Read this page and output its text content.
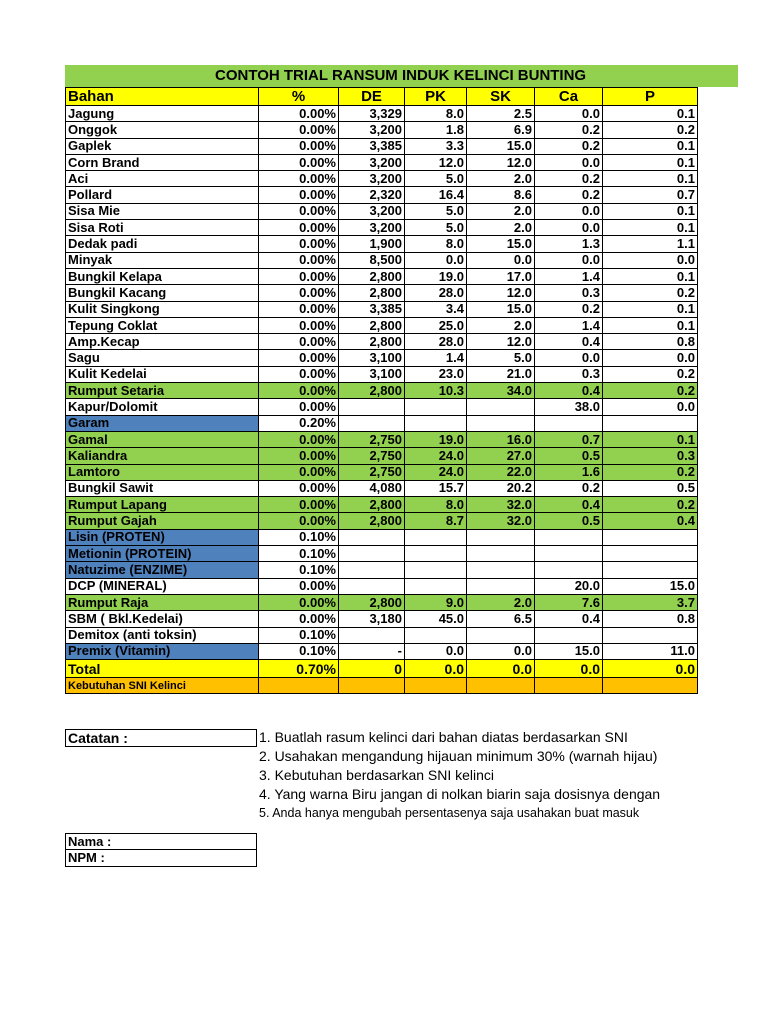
CONTOH TRIAL RANSUM INDUK KELINCI BUNTING
Bahan	%	DE	PK	SK	Ca	P
Jagung	0.00%	3,329	8.0	2.5	0.0	0.1
Onggok	0.00%	3,200	1.8	6.9	0.2	0.2
Gaplek	0.00%	3,385	3.3	15.0	0.2	0.1
Corn Brand	0.00%	3,200	12.0	12.0	0.0	0.1
Aci	0.00%	3,200	5.0	2.0	0.2	0.1
Pollard	0.00%	2,320	16.4	8.6	0.2	0.7
Sisa Mie	0.00%	3,200	5.0	2.0	0.0	0.1
Sisa Roti	0.00%	3,200	5.0	2.0	0.0	0.1
Dedak padi	0.00%	1,900	8.0	15.0	1.3	1.1
Minyak	0.00%	8,500	0.0	0.0	0.0	0.0
Bungkil Kelapa	0.00%	2,800	19.0	17.0	1.4	0.1
Bungkil Kacang	0.00%	2,800	28.0	12.0	0.3	0.2
Kulit Singkong	0.00%	3,385	3.4	15.0	0.2	0.1
Tepung Coklat	0.00%	2,800	25.0	2.0	1.4	0.1
Amp.Kecap	0.00%	2,800	28.0	12.0	0.4	0.8
Sagu	0.00%	3,100	1.4	5.0	0.0	0.0
Kulit Kedelai	0.00%	3,100	23.0	21.0	0.3	0.2
Rumput Setaria	0.00%	2,800	10.3	34.0	0.4	0.2
Kapur/Dolomit	0.00%				38.0	0.0
Garam	0.20%					
Gamal	0.00%	2,750	19.0	16.0	0.7	0.1
Kaliandra	0.00%	2,750	24.0	27.0	0.5	0.3
Lamtoro	0.00%	2,750	24.0	22.0	1.6	0.2
Bungkil Sawit	0.00%	4,080	15.7	20.2	0.2	0.5
Rumput Lapang	0.00%	2,800	8.0	32.0	0.4	0.2
Rumput Gajah	0.00%	2,800	8.7	32.0	0.5	0.4
Lisin (PROTEN)	0.10%					
Metionin (PROTEIN)	0.10%					
Natuzime (ENZIME)	0.10%					
DCP (MINERAL)	0.00%				20.0	15.0
Rumput Raja	0.00%	2,800	9.0	2.0	7.6	3.7
SBM ( Bkl.Kedelai)	0.00%	3,180	45.0	6.5	0.4	0.8
Demitox (anti toksin)	0.10%					
Premix (Vitamin)	0.10%	-	0.0	0.0	15.0	11.0
Total	0.70%	0	0.0	0.0	0.0	0.0
Kebutuhan SNI Kelinci						
Catatan :	1. Buatlah rasum kelinci dari bahan diatas berdasarkan SNI
2. Usahakan mengandung hijauan minimum 30% (warnah hijau)
3. Kebutuhan berdasarkan SNI kelinci
4. Yang warna Biru jangan di nolkan biarin saja dosisnya dengan
5. Anda hanya mengubah persentasenya saja usahakan buat masuk
Nama :
NPM :
